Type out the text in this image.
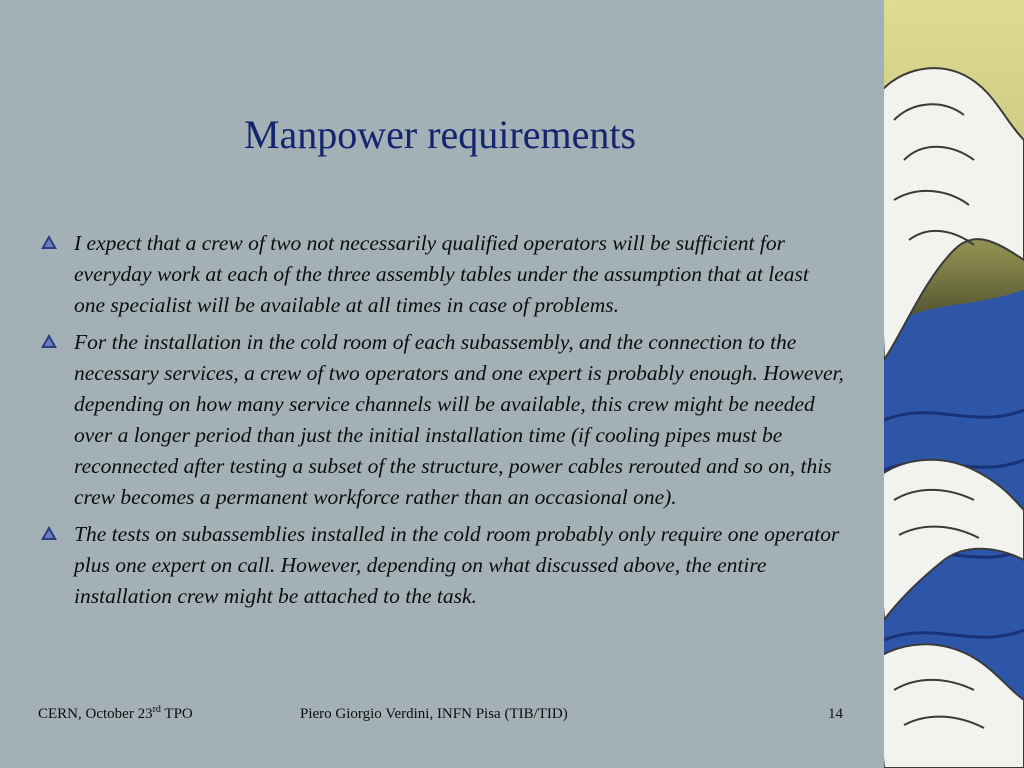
Manpower requirements
I expect that a crew of two not necessarily qualified operators will be sufficient for everyday work at each of the three assembly tables under the assumption that at least one specialist will be available at all times in case of problems.
For the installation in the cold room of each subassembly, and the connection to the necessary services, a crew of two operators and one expert is probably enough. However, depending on how many service channels will be available, this crew might be needed over a longer period than just the initial installation time (if cooling pipes must be reconnected after testing a subset of the structure, power cables rerouted and so on, this crew becomes a permanent workforce rather than an occasional one).
The tests on subassemblies installed in the cold room probably only require one operator plus one expert on call. However, depending on what discussed above, the entire installation crew might be attached to the task.
CERN, October 23rd TPO	Piero Giorgio Verdini, INFN Pisa (TIB/TID)	14
